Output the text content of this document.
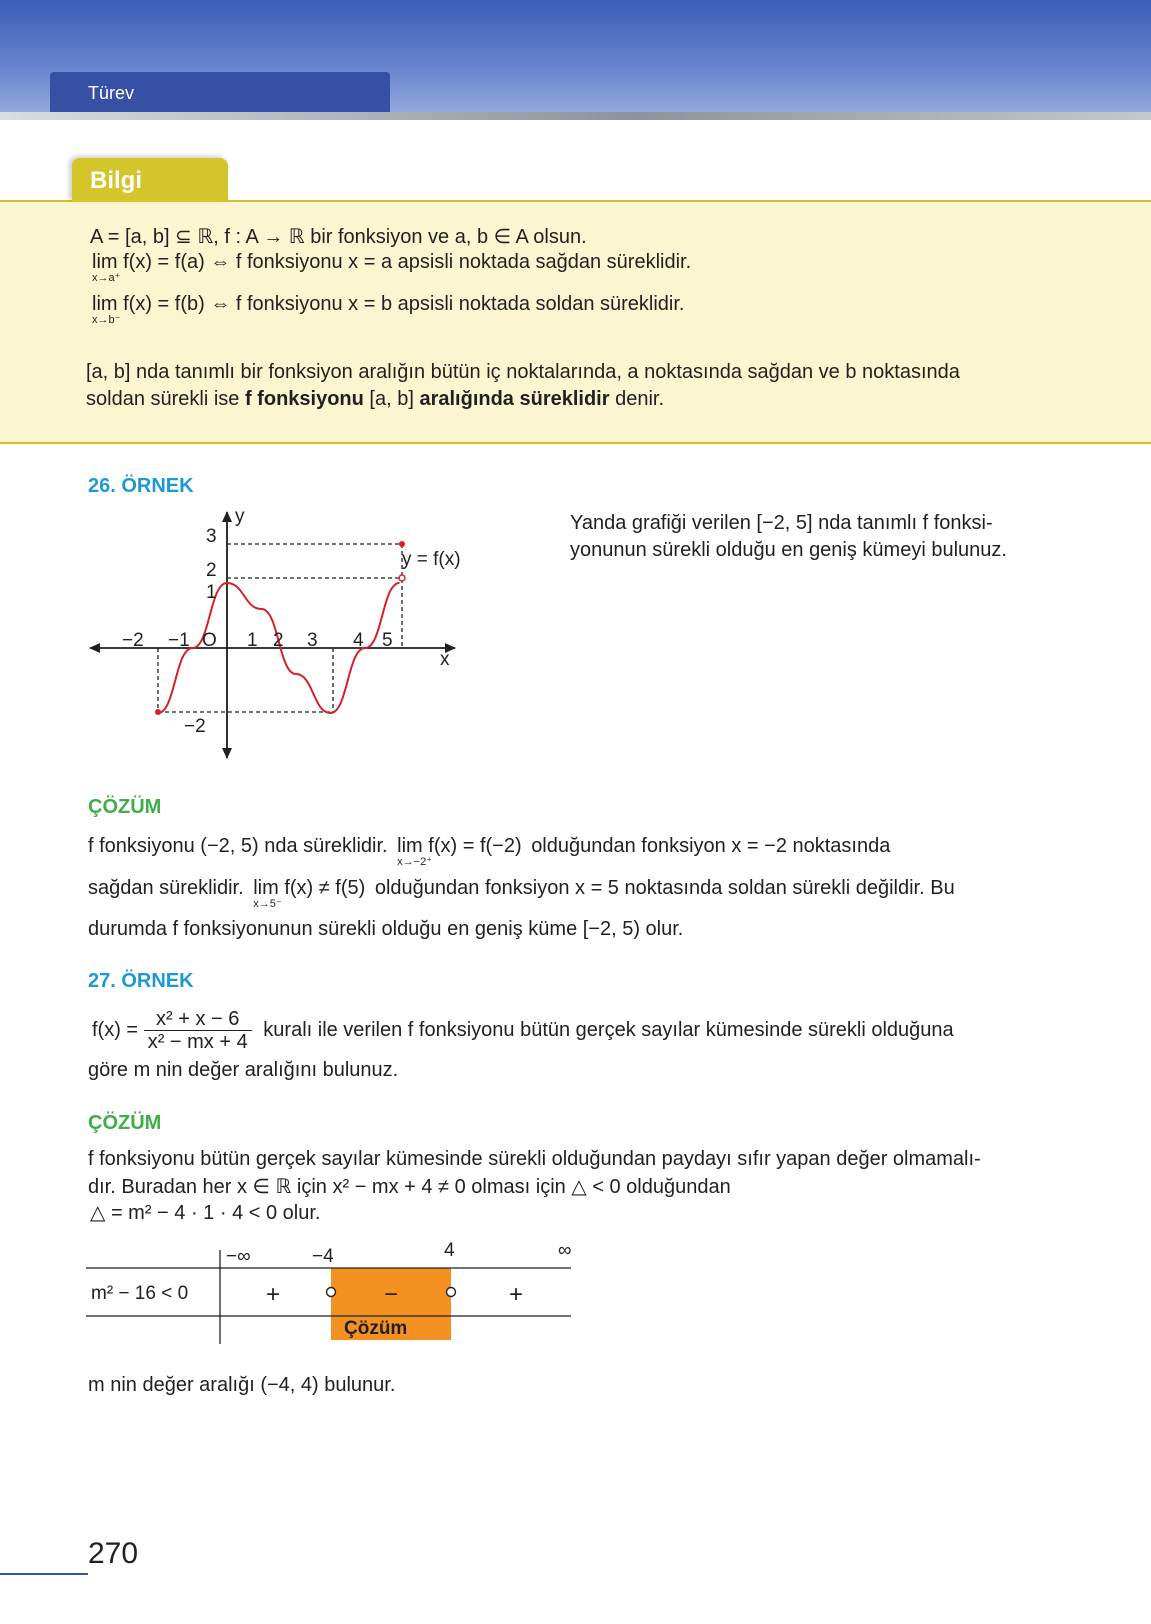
Türev
Bilgi
A = [a, b] ⊆ ℝ, f : A → ℝ bir fonksiyon ve a, b ∈ A olsun.
lim f(x) = f(a) ⇔ f fonksiyonu x = a apsisli noktada sağdan süreklidir.
x→a⁺
lim f(x) = f(b) ⇔ f fonksiyonu x = b apsisli noktada soldan süreklidir.
x→b⁻
[a, b] nda tanımlı bir fonksiyon aralığın bütün iç noktalarında, a noktasında sağdan ve b noktasında
soldan sürekli ise f fonksiyonu [a, b] aralığında süreklidir denir.
26. ÖRNEK
y
x
y = f(x)
O
−2 −1	1 2 3 4 5
3
2
1
−2
Yanda grafiği verilen [−2, 5] nda tanımlı f fonksi-
yonunun sürekli olduğu en geniş kümeyi bulunuz.
ÇÖZÜM
f fonksiyonu (−2, 5) nda süreklidir. lim f(x) = f(−2)
x→−2⁺
olduğundan fonksiyon x = −2 noktasında
sağdan süreklidir. lim f(x) ≠ f(5)
x→5⁻
olduğundan fonksiyon x = 5 noktasında soldan sürekli değildir. Bu
durumda f fonksiyonunun sürekli olduğu en geniş küme [−2, 5) olur.
27. ÖRNEK
$f(x) = \frac{\text{x² + x − 6}}{\text{x² − mx + 4}}$ kuralı ile verilen f fonksiyonu bütün gerçek sayılar kümesinde sürekli olduğuna
göre m nin değer aralığını bulunuz.
ÇÖZÜM
f fonksiyonu bütün gerçek sayılar kümesinde sürekli olduğundan paydayı sıfır yapan değer olmamalı-
dır. Buradan her x ∈ ℝ için x² − mx + 4 ≠ 0 olması için △ < 0 olduğundan
△ = m² − 4 · 1 · 4 < 0 olur.
m² − 16 < 0
−∞	−4	4	∞
+	−	+
Çözüm
m nin değer aralığı (−4, 4) bulunur.
270
